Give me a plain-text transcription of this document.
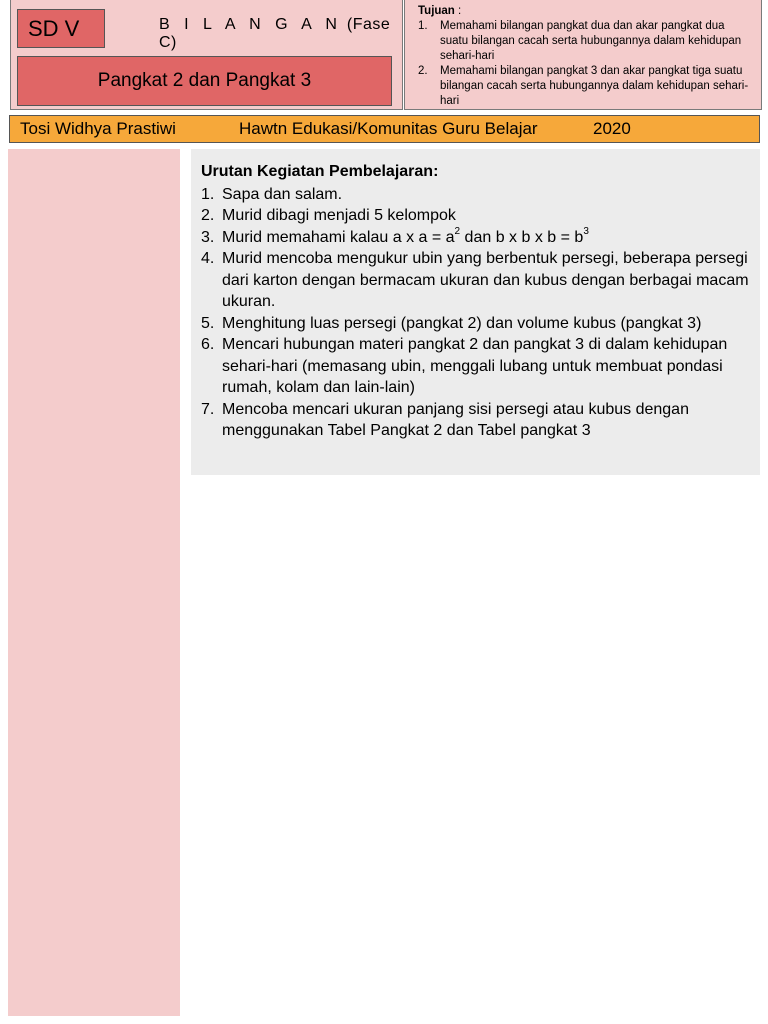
SD V	B I L A N G A N (Fase C)
Pangkat 2 dan Pangkat 3
Tujuan :
1. Memahami bilangan pangkat dua dan akar pangkat dua suatu bilangan cacah serta hubungannya dalam kehidupan sehari-hari
2. Memahami bilangan pangkat 3 dan akar pangkat tiga suatu bilangan cacah serta hubungannya dalam kehidupan sehari-hari
Tosi Widhya Prastiwi	Hawtn Edukasi/Komunitas Guru Belajar	2020
Urutan Kegiatan Pembelajaran:
1. Sapa dan salam.
2. Murid dibagi menjadi 5 kelompok
3. Murid memahami kalau a x $a = a^2$ dan b x b x $b = b^3$
4. Murid mencoba mengukur ubin yang berbentuk persegi, beberapa persegi dari karton dengan bermacam ukuran dan kubus dengan berbagai macam ukuran.
5. Menghitung luas persegi (pangkat 2) dan volume kubus (pangkat 3)
6. Mencari hubungan materi pangkat 2 dan pangkat 3 di dalam kehidupan sehari-hari (memasang ubin, menggali lubang untuk membuat pondasi rumah, kolam dan lain-lain)
7. Mencoba mencari ukuran panjang sisi persegi atau kubus dengan menggunakan Tabel Pangkat 2 dan Tabel pangkat 3
